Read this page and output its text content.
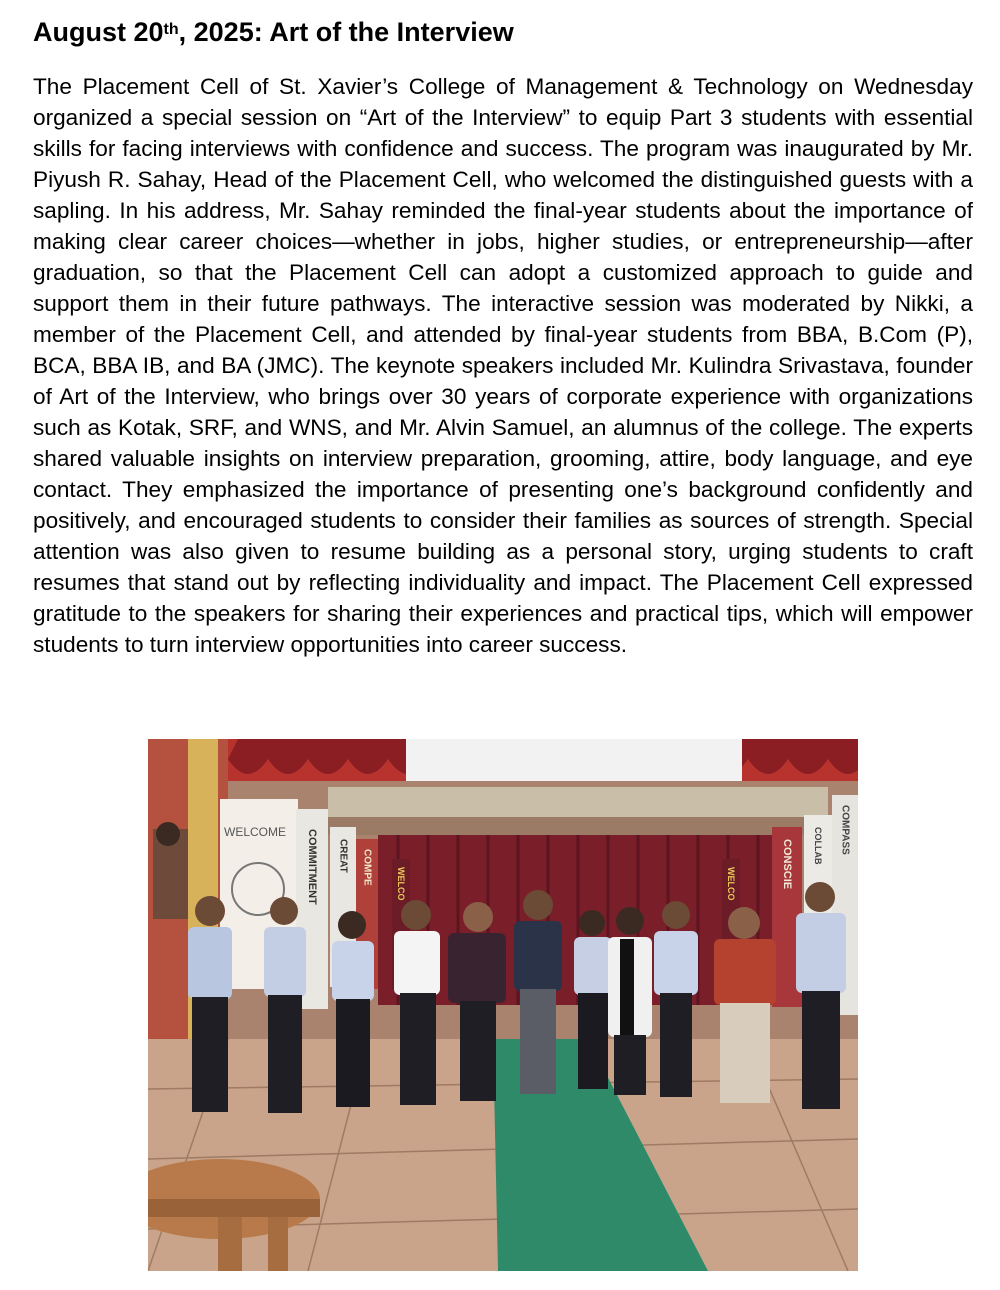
August 20th, 2025: Art of the Interview

The Placement Cell of St. Xavier’s College of Management & Technology on Wednesday organized a special session on “Art of the Interview” to equip Part 3 students with essential skills for facing interviews with confidence and success. The program was inaugurated by Mr. Piyush R. Sahay, Head of the Placement Cell, who welcomed the distinguished guests with a sapling. In his address, Mr. Sahay reminded the final-year students about the importance of making clear career choices—whether in jobs, higher studies, or entrepreneurship—after graduation, so that the Placement Cell can adopt a customized approach to guide and support them in their future pathways. The interactive session was moderated by Nikki, a member of the Placement Cell, and attended by final-year students from BBA, B.Com (P), BCA, BBA IB, and BA (JMC). The keynote speakers included Mr. Kulindra Srivastava, founder of Art of the Interview, who brings over 30 years of corporate experience with organizations such as Kotak, SRF, and WNS, and Mr. Alvin Samuel, an alumnus of the college. The experts shared valuable insights on interview preparation, grooming, attire, body language, and eye contact. They emphasized the importance of presenting one’s background confidently and positively, and encouraged students to consider their families as sources of strength. Special attention was also given to resume building as a personal story, urging students to craft resumes that stand out by reflecting individuality and impact. The Placement Cell expressed gratitude to the speakers for sharing their experiences and practical tips, which will empower students to turn interview opportunities into career success.

WELCOME COMMITMENT CREAT COMPE	WELCO	WELCO	CONSCIE COLLAB COMPASS
